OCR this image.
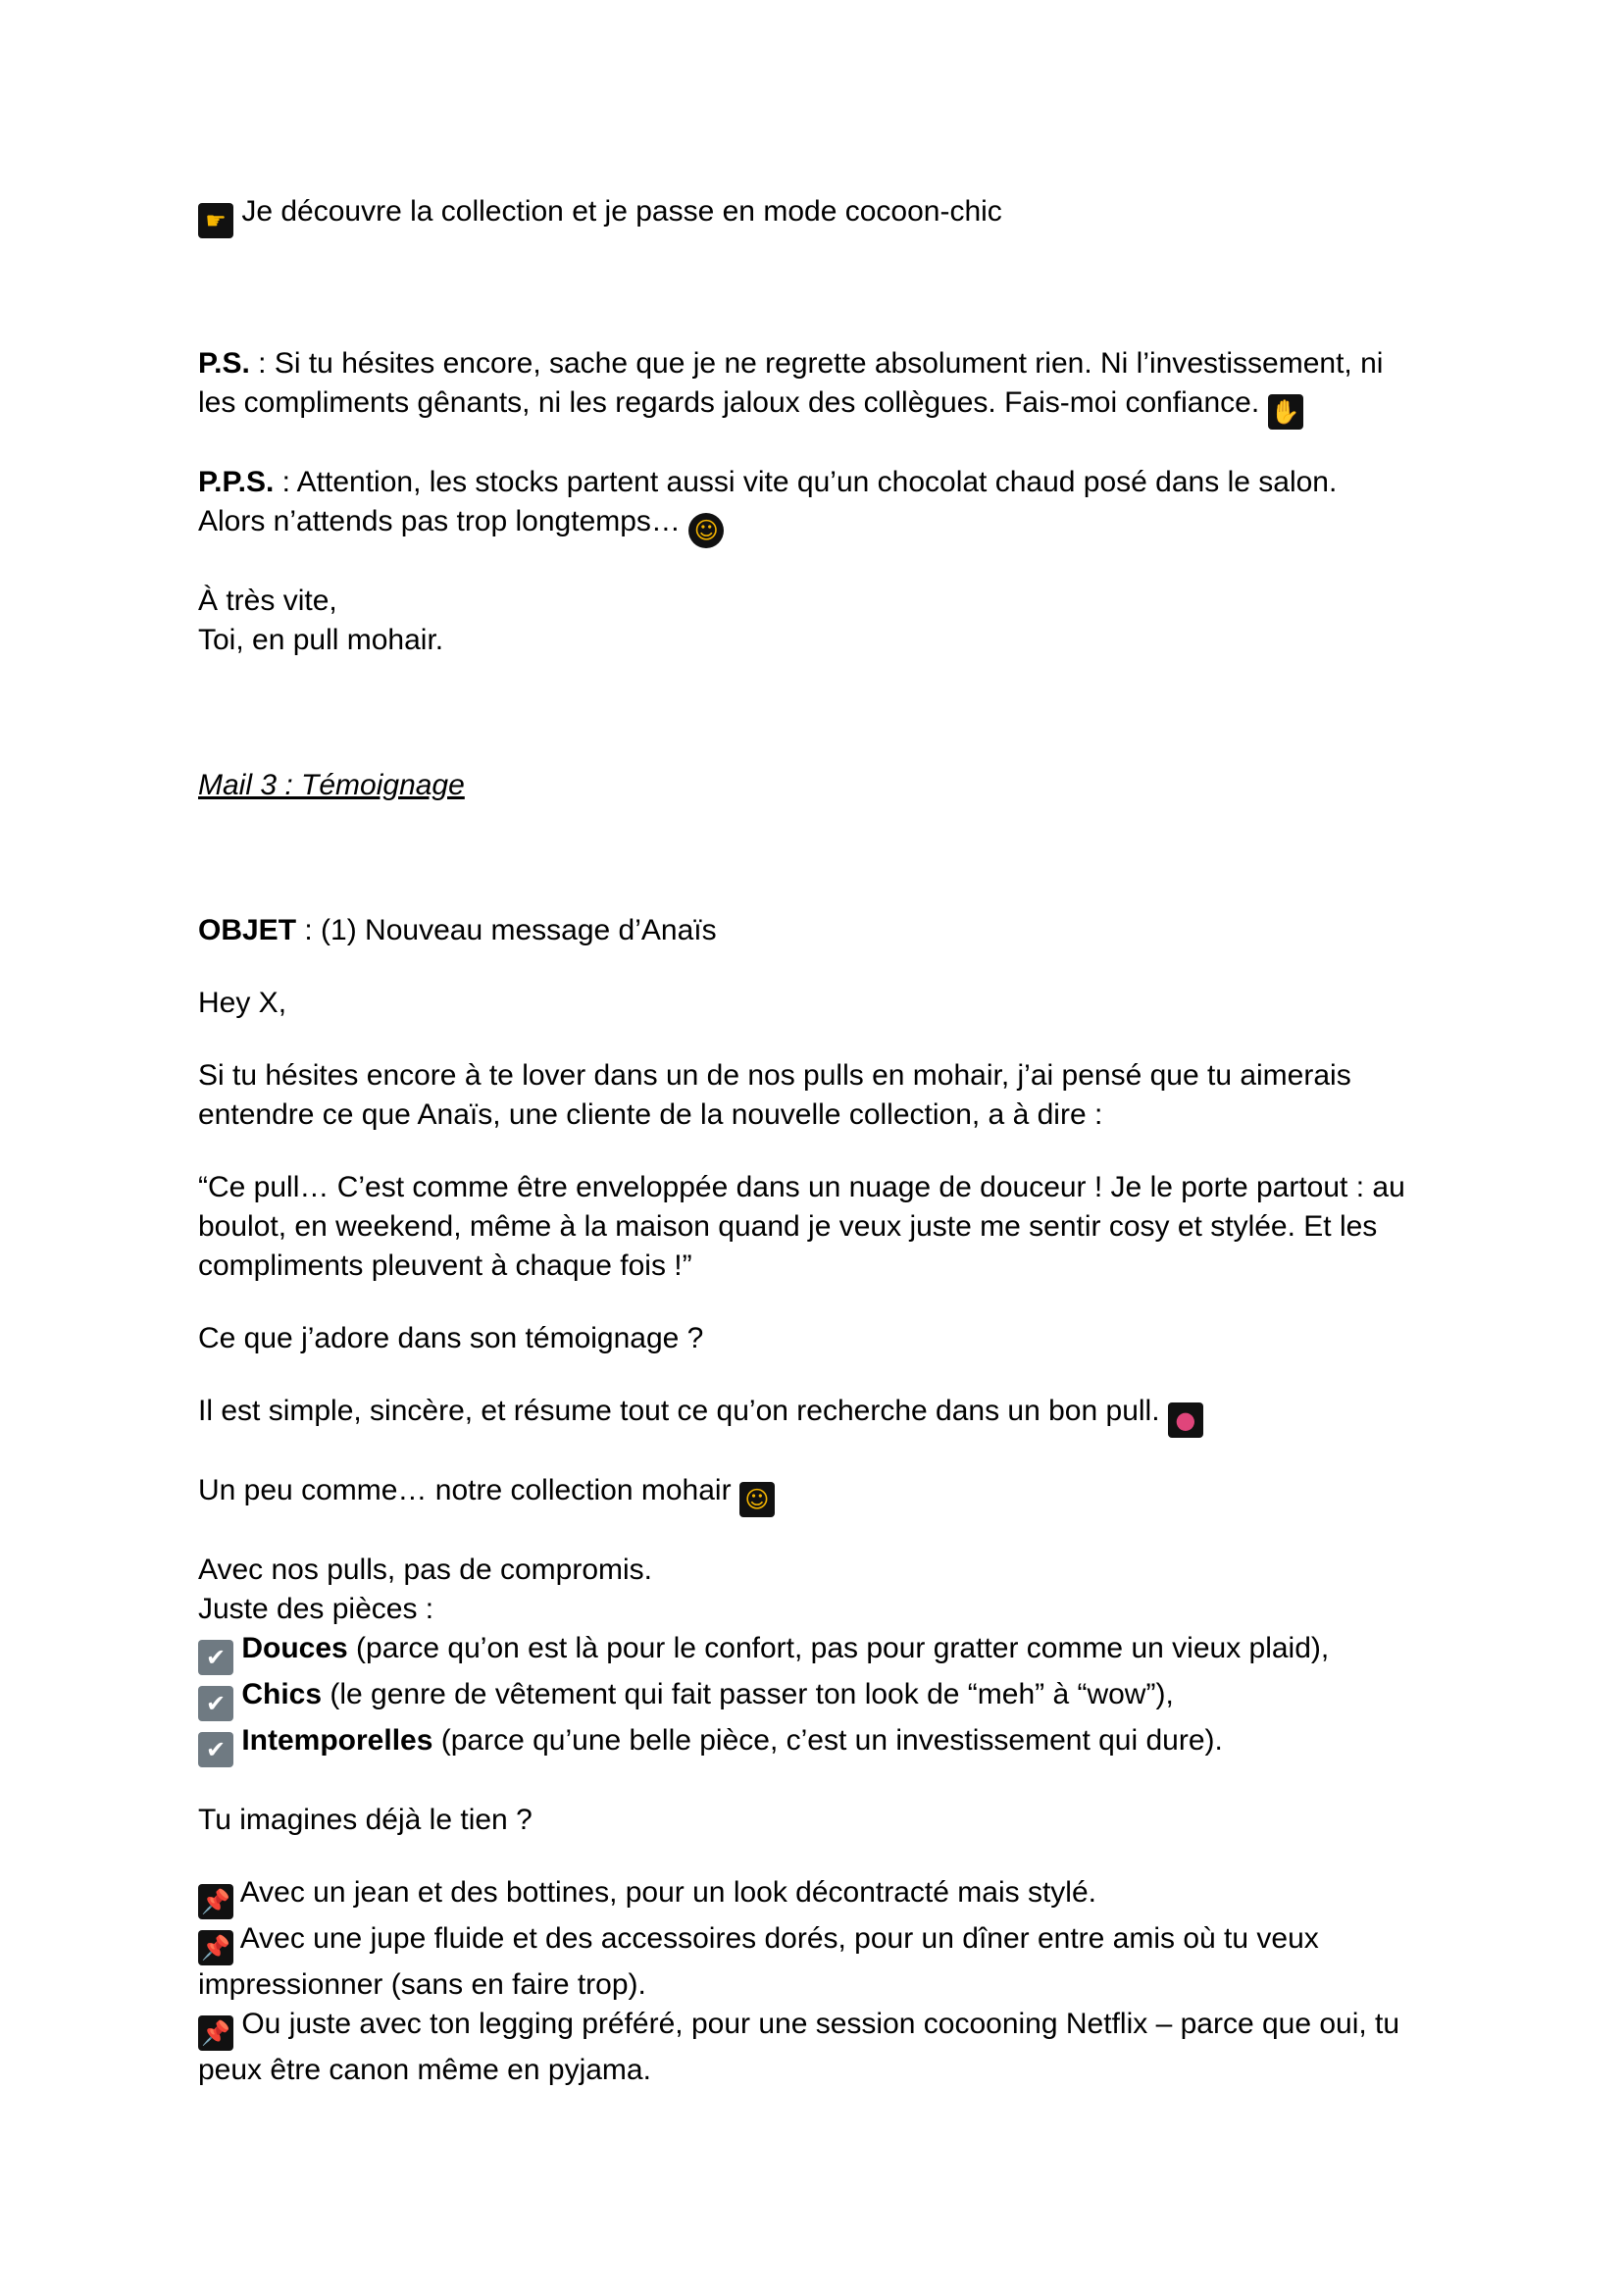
☛ Je découvre la collection et je passe en mode cocoon-chic

P.S. : Si tu hésites encore, sache que je ne regrette absolument rien. Ni l’investissement, ni

les compliments gênants, ni les regards jaloux des collègues. Fais-moi confiance. ✋

P.P.S. : Attention, les stocks partent aussi vite qu’un chocolat chaud posé dans le salon.

Alors n’attends pas trop longtemps… ☺

À très vite,

Toi, en pull mohair.

Mail 3 : Témoignage

OBJET : (1) Nouveau message d’Anaïs

Hey X,

Si tu hésites encore à te lover dans un de nos pulls en mohair, j’ai pensé que tu aimerais

entendre ce que Anaïs, une cliente de la nouvelle collection, a à dire :

“Ce pull… C’est comme être enveloppée dans un nuage de douceur ! Je le porte partout : au

boulot, en weekend, même à la maison quand je veux juste me sentir cosy et stylée. Et les

compliments pleuvent à chaque fois !”

Ce que j’adore dans son témoignage ?

Il est simple, sincère, et résume tout ce qu’on recherche dans un bon pull. ●

Un peu comme… notre collection mohair ☺

Avec nos pulls, pas de compromis.

Juste des pièces :

✔ Douces (parce qu’on est là pour le confort, pas pour gratter comme un vieux plaid),

✔ Chics (le genre de vêtement qui fait passer ton look de “meh” à “wow”),

✔ Intemporelles (parce qu’une belle pièce, c’est un investissement qui dure).

Tu imagines déjà le tien ?

📌 Avec un jean et des bottines, pour un look décontracté mais stylé.

📌 Avec une jupe fluide et des accessoires dorés, pour un dîner entre amis où tu veux

impressionner (sans en faire trop).

📌 Ou juste avec ton legging préféré, pour une session cocooning Netflix – parce que oui, tu

peux être canon même en pyjama.
